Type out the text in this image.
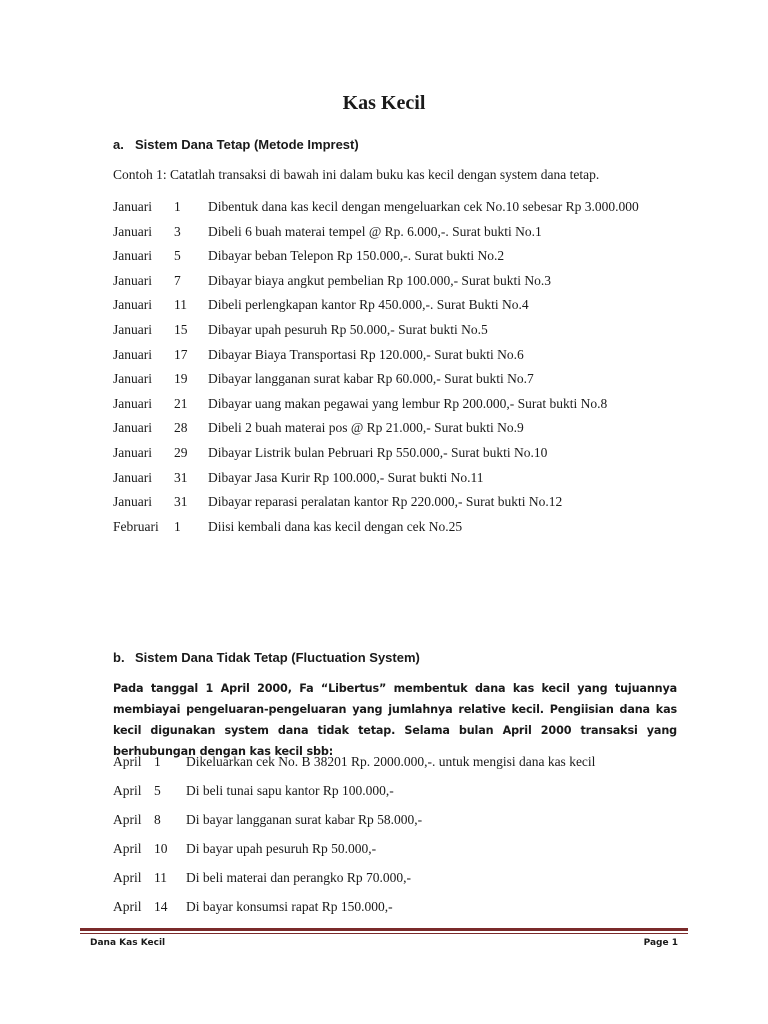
Kas Kecil
a. Sistem Dana Tetap (Metode Imprest)
Contoh 1: Catatlah transaksi di bawah ini dalam buku kas kecil dengan system dana tetap.
Januari 1 Dibentuk dana kas kecil dengan mengeluarkan cek No.10 sebesar Rp 3.000.000
Januari 3 Dibeli 6 buah materai tempel @ Rp. 6.000,-. Surat bukti No.1
Januari 5 Dibayar beban Telepon Rp 150.000,-. Surat bukti No.2
Januari 7 Dibayar biaya angkut pembelian Rp 100.000,- Surat bukti No.3
Januari 11 Dibeli perlengkapan kantor Rp 450.000,-. Surat Bukti No.4
Januari 15 Dibayar upah pesuruh Rp 50.000,- Surat bukti No.5
Januari 17 Dibayar Biaya Transportasi Rp 120.000,- Surat bukti No.6
Januari 19 Dibayar langganan surat kabar Rp 60.000,- Surat bukti No.7
Januari 21 Dibayar uang makan pegawai yang lembur Rp 200.000,- Surat bukti No.8
Januari 28 Dibeli 2 buah materai pos @ Rp 21.000,- Surat bukti No.9
Januari 29 Dibayar Listrik bulan Pebruari Rp 550.000,- Surat bukti No.10
Januari 31 Dibayar Jasa Kurir Rp 100.000,- Surat bukti No.11
Januari 31 Dibayar reparasi peralatan kantor Rp 220.000,- Surat bukti No.12
Februari 1 Diisi kembali dana kas kecil dengan cek No.25
b. Sistem Dana Tidak Tetap (Fluctuation System)
Pada tanggal 1 April 2000, Fa “Libertus” membentuk dana kas kecil yang tujuannya membiayai pengeluaran-pengeluaran yang jumlahnya relative kecil. Pengiisian dana kas kecil digunakan system dana tidak tetap. Selama bulan April 2000 transaksi yang berhubungan dengan kas kecil sbb:
April 1 Dikeluarkan cek No. B 38201 Rp. 2000.000,-. untuk mengisi dana kas kecil
April 5 Di beli tunai sapu kantor Rp 100.000,-
April 8 Di bayar langganan surat kabar Rp 58.000,-
April 10 Di bayar upah pesuruh Rp 50.000,-
April 11 Di beli materai dan perangko Rp 70.000,-
April 14 Di bayar konsumsi rapat Rp 150.000,-
Dana Kas Kecil	Page 1
